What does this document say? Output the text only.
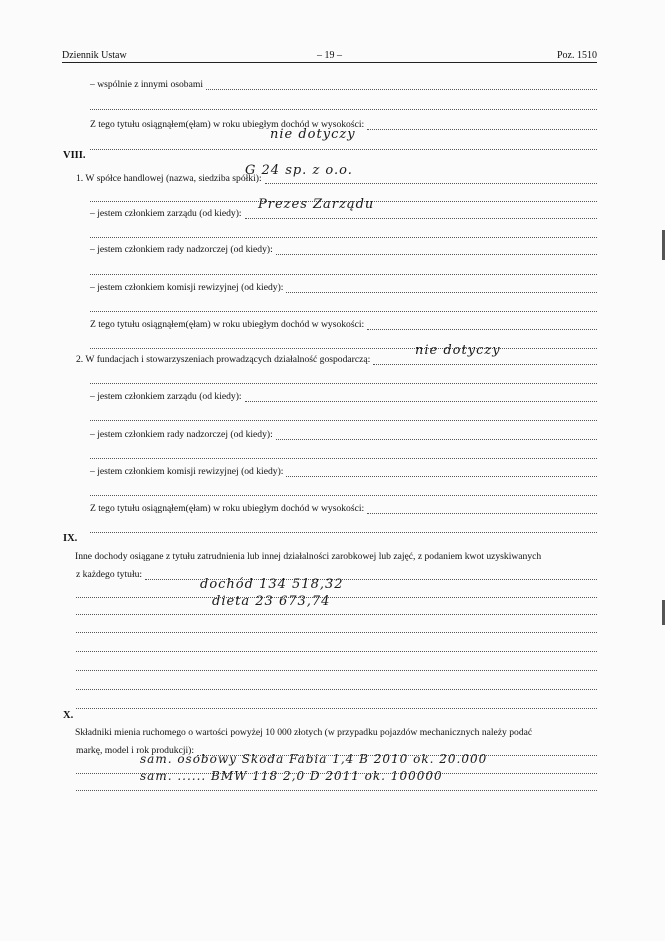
Dziennik Ustaw	– 19 –	Poz. 1510
– wspólnie z innymi osobami
Z tego tytułu osiągnąłem(ęłam) w roku ubiegłym dochód w wysokości:
1. W spółce handlowej (nazwa, siedziba spółki):
– jestem członkiem zarządu (od kiedy):
– jestem członkiem rady nadzorczej (od kiedy):
– jestem członkiem komisji rewizyjnej (od kiedy):
Z tego tytułu osiągnąłem(ęłam) w roku ubiegłym dochód w wysokości:
2. W fundacjach i stowarzyszeniach prowadzących działalność gospodarczą:
– jestem członkiem zarządu (od kiedy):
– jestem członkiem rady nadzorczej (od kiedy):
– jestem członkiem komisji rewizyjnej (od kiedy):
Z tego tytułu osiągnąłem(ęłam) w roku ubiegłym dochód w wysokości:
z każdego tytułu:
markę, model i rok produkcji):
VIII.
IX.
X.
Inne dochody osiągane z tytułu zatrudnienia lub innej działalności zarobkowej lub zajęć, z podaniem kwot uzyskiwanych
Składniki mienia ruchomego o wartości powyżej 10 000 złotych (w przypadku pojazdów mechanicznych należy podać
nie dotyczy
G 24 sp. z o.o.
Prezes Zarządu
nie dotyczy
dochód 134 518,32
dieta 23 673,74
sam. osobowy Skoda Fabia 1,4 B 2010 ok. 20.000
sam. ...... BMW 118 2,0 D 2011 ok. 100000
